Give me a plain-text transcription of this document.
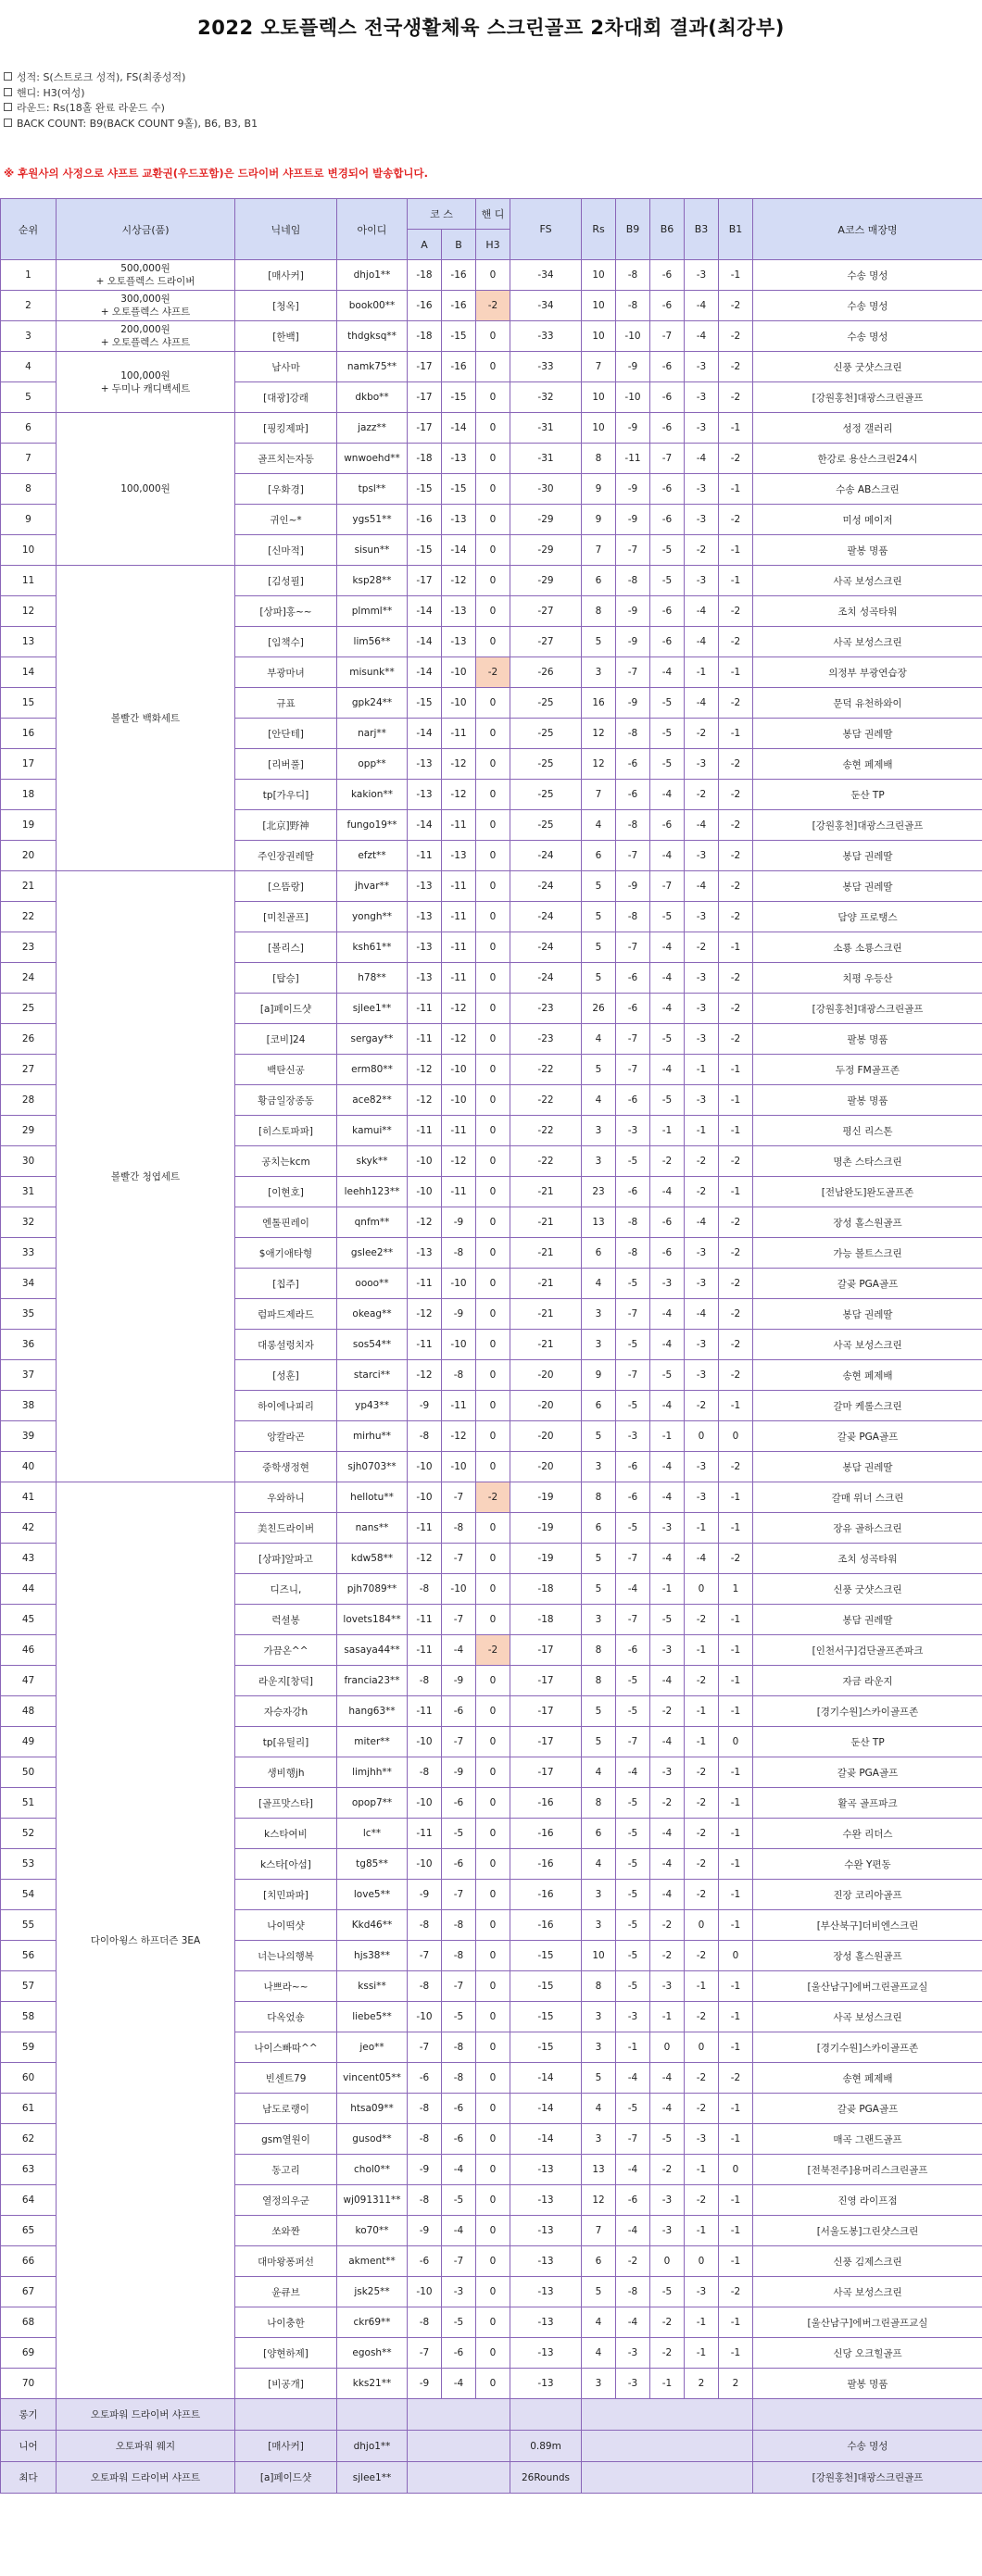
2022 오토플렉스 전국생활체육 스크린골프 2차대회 결과(최강부)
성적: S(스트로크 성적), FS(최종성적)
핸디: H3(여성)
라운드: Rs(18홀 완료 라운드 수)
BACK COUNT: B9(BACK COUNT 9홀), B6, B3, B1
※ 후원사의 사정으로 샤프트 교환권(우드포함)은 드라이버 샤프트로 변경되어 발송합니다.
순위	시상금(품)	닉네임	아이디	코 스		핸 디	FS	Rs	B9	B6	B3	B1	A코스 매장명
				A	B	H3							
1	500,000원
+ 오토플렉스 드라이버	[매사커]	dhjo1**	-18	-16	0	-34	10	-8	-6	-3	-1	수송 명성
2	300,000원
+ 오토플렉스 샤프트	[청옥]	book00**	-16	-16	-2	-34	10	-8	-6	-4	-2	수송 명성
3	200,000원
+ 오토플렉스 샤프트	[한백]	thdgksq**	-18	-15	0	-33	10	-10	-7	-4	-2	수송 명성
4	100,000원
+ 두미나 캐디백세트	남사마	namk75**	-17	-16	0	-33	7	-9	-6	-3	-2	신풍 굿샷스크린
5		[대광]강래	dkbo**	-17	-15	0	-32	10	-10	-6	-3	-2	[강원홍천]대광스크린골프
6	100,000원	[핑킹제파]	jazz**	-17	-14	0	-31	10	-9	-6	-3	-1	성정 갤러리
7		골프치는자동	wnwoehd**	-18	-13	0	-31	8	-11	-7	-4	-2	한강로 용산스크린24시
8		[우화경]	tpsl**	-15	-15	0	-30	9	-9	-6	-3	-1	수송 AB스크린
9		귀인~*	ygs51**	-16	-13	0	-29	9	-9	-6	-3	-2	미성 메이저
10		[신마적]	sisun**	-15	-14	0	-29	7	-7	-5	-2	-1	팔봉 명품
11	볼빨간 백화세트	[김성필]	ksp28**	-17	-12	0	-29	6	-8	-5	-3	-1	사곡 보성스크린
12		[상파]홍~~	plmml**	-14	-13	0	-27	8	-9	-6	-4	-2	조치 성곡타워
13		[임책수]	lim56**	-14	-13	0	-27	5	-9	-6	-4	-2	사곡 보성스크린
14		부광마녀	misunk**	-14	-10	-2	-26	3	-7	-4	-1	-1	의정부 부광연습장
15		규표	gpk24**	-15	-10	0	-25	16	-9	-5	-4	-2	문덕 유천하와이
16		[안단테]	narj**	-14	-11	0	-25	12	-8	-5	-2	-1	봉담 권레딸
17		[리버풀]	opp**	-13	-12	0	-25	12	-6	-5	-3	-2	송현 페제배
18		tp[가우디]	kakion**	-13	-12	0	-25	7	-6	-4	-2	-2	둔산 TP
19		[北京]野神	fungo19**	-14	-11	0	-25	4	-8	-6	-4	-2	[강원홍천]대광스크린골프
20		주인장권레딸	efzt**	-11	-13	0	-24	6	-7	-4	-3	-2	봉담 권레딸
21	볼빨간 청엽세트	[으뜸랑]	jhvar**	-13	-11	0	-24	5	-9	-7	-4	-2	봉담 권레딸
22		[미친골프]	yongh**	-13	-11	0	-24	5	-8	-5	-3	-2	담양 프로탱스
23		[볼리스]	ksh61**	-13	-11	0	-24	5	-7	-4	-2	-1	소룡 소룡스크린
24		[탑승]	h78**	-13	-11	0	-24	5	-6	-4	-3	-2	치평 우등산
25		[a]페이드샷	sjlee1**	-11	-12	0	-23	26	-6	-4	-3	-2	[강원홍천]대광스크린골프
26		[코비]24	sergay**	-11	-12	0	-23	4	-7	-5	-3	-2	팔봉 명품
27		백탄신공	erm80**	-12	-10	0	-22	5	-7	-4	-1	-1	두정 FM골프존
28		황금일장종동	ace82**	-12	-10	0	-22	4	-6	-5	-3	-1	팔봉 명품
29		[히스토파파]	kamui**	-11	-11	0	-22	3	-3	-1	-1	-1	평신 리스톤
30		공치는kcm	skyk**	-10	-12	0	-22	3	-5	-2	-2	-2	명촌 스타스크린
31		[이현호]	leehh123**	-10	-11	0	-21	23	-6	-4	-2	-1	[전남완도]완도골프존
32		엔톨핀레이	qnfm**	-12	-9	0	-21	13	-8	-6	-4	-2	장성 홀스원골프
33		$애기애타형	gslee2**	-13	-8	0	-21	6	-8	-6	-3	-2	가능 볼트스크린
34		[칩주]	oooo**	-11	-10	0	-21	4	-5	-3	-3	-2	갈곶 PGA골프
35		럼파드제라드	okeag**	-12	-9	0	-21	3	-7	-4	-4	-2	봉담 권레딸
36		대롱설렁치자	sos54**	-11	-10	0	-21	3	-5	-4	-3	-2	사곡 보성스크린
37		[성훈]	starci**	-12	-8	0	-20	9	-7	-5	-3	-2	송현 페제배
38		하이에나피리	yp43**	-9	-11	0	-20	6	-5	-4	-2	-1	갈마 케롤스크린
39		앙칼라곤	mirhu**	-8	-12	0	-20	5	-3	-1	0	0	갈곶 PGA골프
40		중학생정현	sjh0703**	-10	-10	0	-20	3	-6	-4	-3	-2	봉담 권레딸
41	다이아윙스 하프더즌 3EA	우와하니	hellotu**	-10	-7	-2	-19	8	-6	-4	-3	-1	갈매 위너 스크린
42		美친드라이버	nans**	-11	-8	0	-19	6	-5	-3	-1	-1	장유 골하스크린
43		[상파]알파고	kdw58**	-12	-7	0	-19	5	-7	-4	-4	-2	조치 성곡타워
44		디즈니,	pjh7089**	-8	-10	0	-18	5	-4	-1	0	1	신풍 굿샷스크린
45		럭셜봉	lovets184**	-11	-7	0	-18	3	-7	-5	-2	-1	봉담 권레딸
46		가끔온^^	sasaya44**	-11	-4	-2	-17	8	-6	-3	-1	-1	[인천서구]검단골프존파크
47		라운지[창덕]	francia23**	-8	-9	0	-17	8	-5	-4	-2	-1	자금 라운지
48		자승자강h	hang63**	-11	-6	0	-17	5	-5	-2	-1	-1	[경기수원]스카이골프존
49		tp[유틸리]	miter**	-10	-7	0	-17	5	-7	-4	-1	0	둔산 TP
50		생비행jh	limjhh**	-8	-9	0	-17	4	-4	-3	-2	-1	갈곶 PGA골프
51		[골프맛스타]	opop7**	-10	-6	0	-16	8	-5	-2	-2	-1	활곡 골프파크
52		k스타여비	lc**	-11	-5	0	-16	6	-5	-4	-2	-1	수완 리더스
53		k스타[아섬]	tg85**	-10	-6	0	-16	4	-5	-4	-2	-1	수완 Y편동
54		[치민파파]	love5**	-9	-7	0	-16	3	-5	-4	-2	-1	진장 코리아골프
55		나이떡샷	Kkd46**	-8	-8	0	-16	3	-5	-2	0	-1	[부산북구]더비엔스크린
56		너는나의행복	hjs38**	-7	-8	0	-15	10	-5	-2	-2	0	장성 홀스원골프
57		나쁘라~~	kssi**	-8	-7	0	-15	8	-5	-3	-1	-1	[울산남구]에버그린골프교실
58		다옥었숑	liebe5**	-10	-5	0	-15	3	-3	-1	-2	-1	사곡 보성스크린
59		나이스빠따^^	jeo**	-7	-8	0	-15	3	-1	0	0	-1	[경기수원]스카이골프존
60		빈센트79	vincent05**	-6	-8	0	-14	5	-4	-4	-2	-2	송현 페제배
61		남도로랭이	htsa09**	-8	-6	0	-14	4	-5	-4	-2	-1	갈곶 PGA골프
62		gsm열원이	gusod**	-8	-6	0	-14	3	-7	-5	-3	-1	매곡 그랜드골프
63		동고리	chol0**	-9	-4	0	-13	13	-4	-2	-1	0	[전북전주]용머리스크린골프
64		열정의우군	wj091311**	-8	-5	0	-13	12	-6	-3	-2	-1	진영 라이프점
65		쏘와짠	ko70**	-9	-4	0	-13	7	-4	-3	-1	-1	[서울도봉]그린샷스크린
66		대마왕퐁퍼선	akment**	-6	-7	0	-13	6	-2	0	0	-1	신풍 김제스크린
67		윤큐브	jsk25**	-10	-3	0	-13	5	-8	-5	-3	-2	사곡 보성스크린
68		나이충한	ckr69**	-8	-5	0	-13	4	-4	-2	-1	-1	[울산남구]에버그린골프교실
69		[양현하제]	egosh**	-7	-6	0	-13	4	-3	-2	-1	-1	신당 오크힐골프
70		[비공개]	kks21**	-9	-4	0	-13	3	-3	-1	2	2	팔봉 명품
롱기	오토파워 드라이버 샤프트												
니어	오토파워 웨지	[매사커]	dhjo1**				0.89m						수송 명성
최다	오토파워 드라이버 샤프트	[a]페이드샷	sjlee1**				26Rounds						[강원홍천]대광스크린골프
